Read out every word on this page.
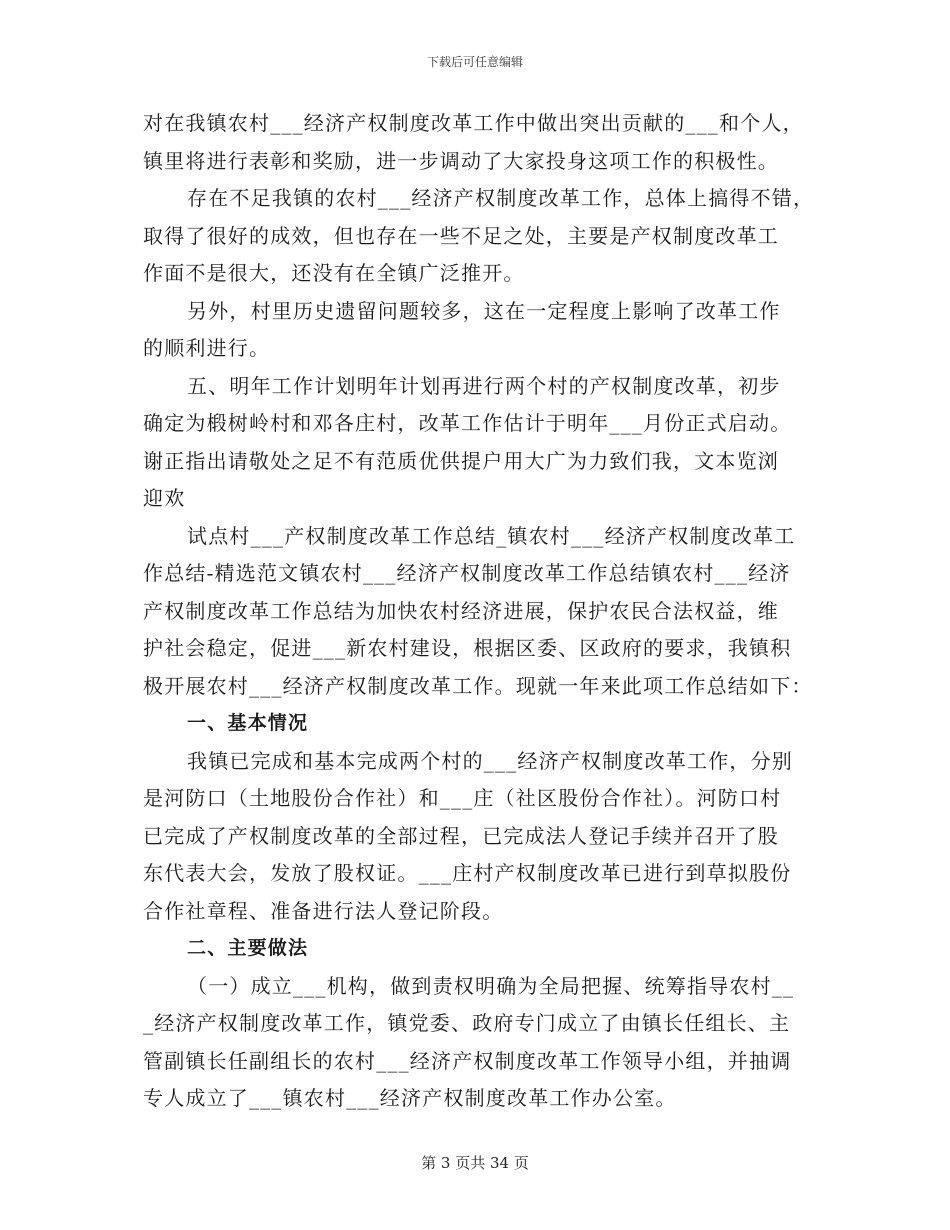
下载后可任意编辑
对在我镇农村___经济产权制度改革工作中做出突出贡献的___和个人，
镇里将进行表彰和奖励，进一步调动了大家投身这项工作的积极性。
存在不足我镇的农村___经济产权制度改革工作，总体上搞得不错，
取得了很好的成效，但也存在一些不足之处，主要是产权制度改革工
作面不是很大，还没有在全镇广泛推开。
另外，村里历史遗留问题较多，这在一定程度上影响了改革工作
的顺利进行。
五、明年工作计划明年计划再进行两个村的产权制度改革，初步
确定为椴树岭村和邓各庄村，改革工作估计于明年___月份正式启动。
谢正指出请敬处之足不有范质优供提户用大广为力致们我，文本览浏
迎欢
试点村___产权制度改革工作总结_镇农村___经济产权制度改革工
作总结-精选范文镇农村___经济产权制度改革工作总结镇农村___经济
产权制度改革工作总结为加快农村经济进展，保护农民合法权益，维
护社会稳定，促进___新农村建设，根据区委、区政府的要求，我镇积
极开展农村___经济产权制度改革工作。现就一年来此项工作总结如下：
一、基本情况
我镇已完成和基本完成两个村的___经济产权制度改革工作，分别
是河防口（土地股份合作社）和___庄（社区股份合作社）。河防口村
已完成了产权制度改革的全部过程，已完成法人登记手续并召开了股
东代表大会，发放了股权证。___庄村产权制度改革已进行到草拟股份
合作社章程、准备进行法人登记阶段。
二、主要做法
（一）成立___机构，做到责权明确为全局把握、统筹指导农村__
_经济产权制度改革工作，镇党委、政府专门成立了由镇长任组长、主
管副镇长任副组长的农村___经济产权制度改革工作领导小组，并抽调
专人成立了___镇农村___经济产权制度改革工作办公室。
第 3 页共 34 页
